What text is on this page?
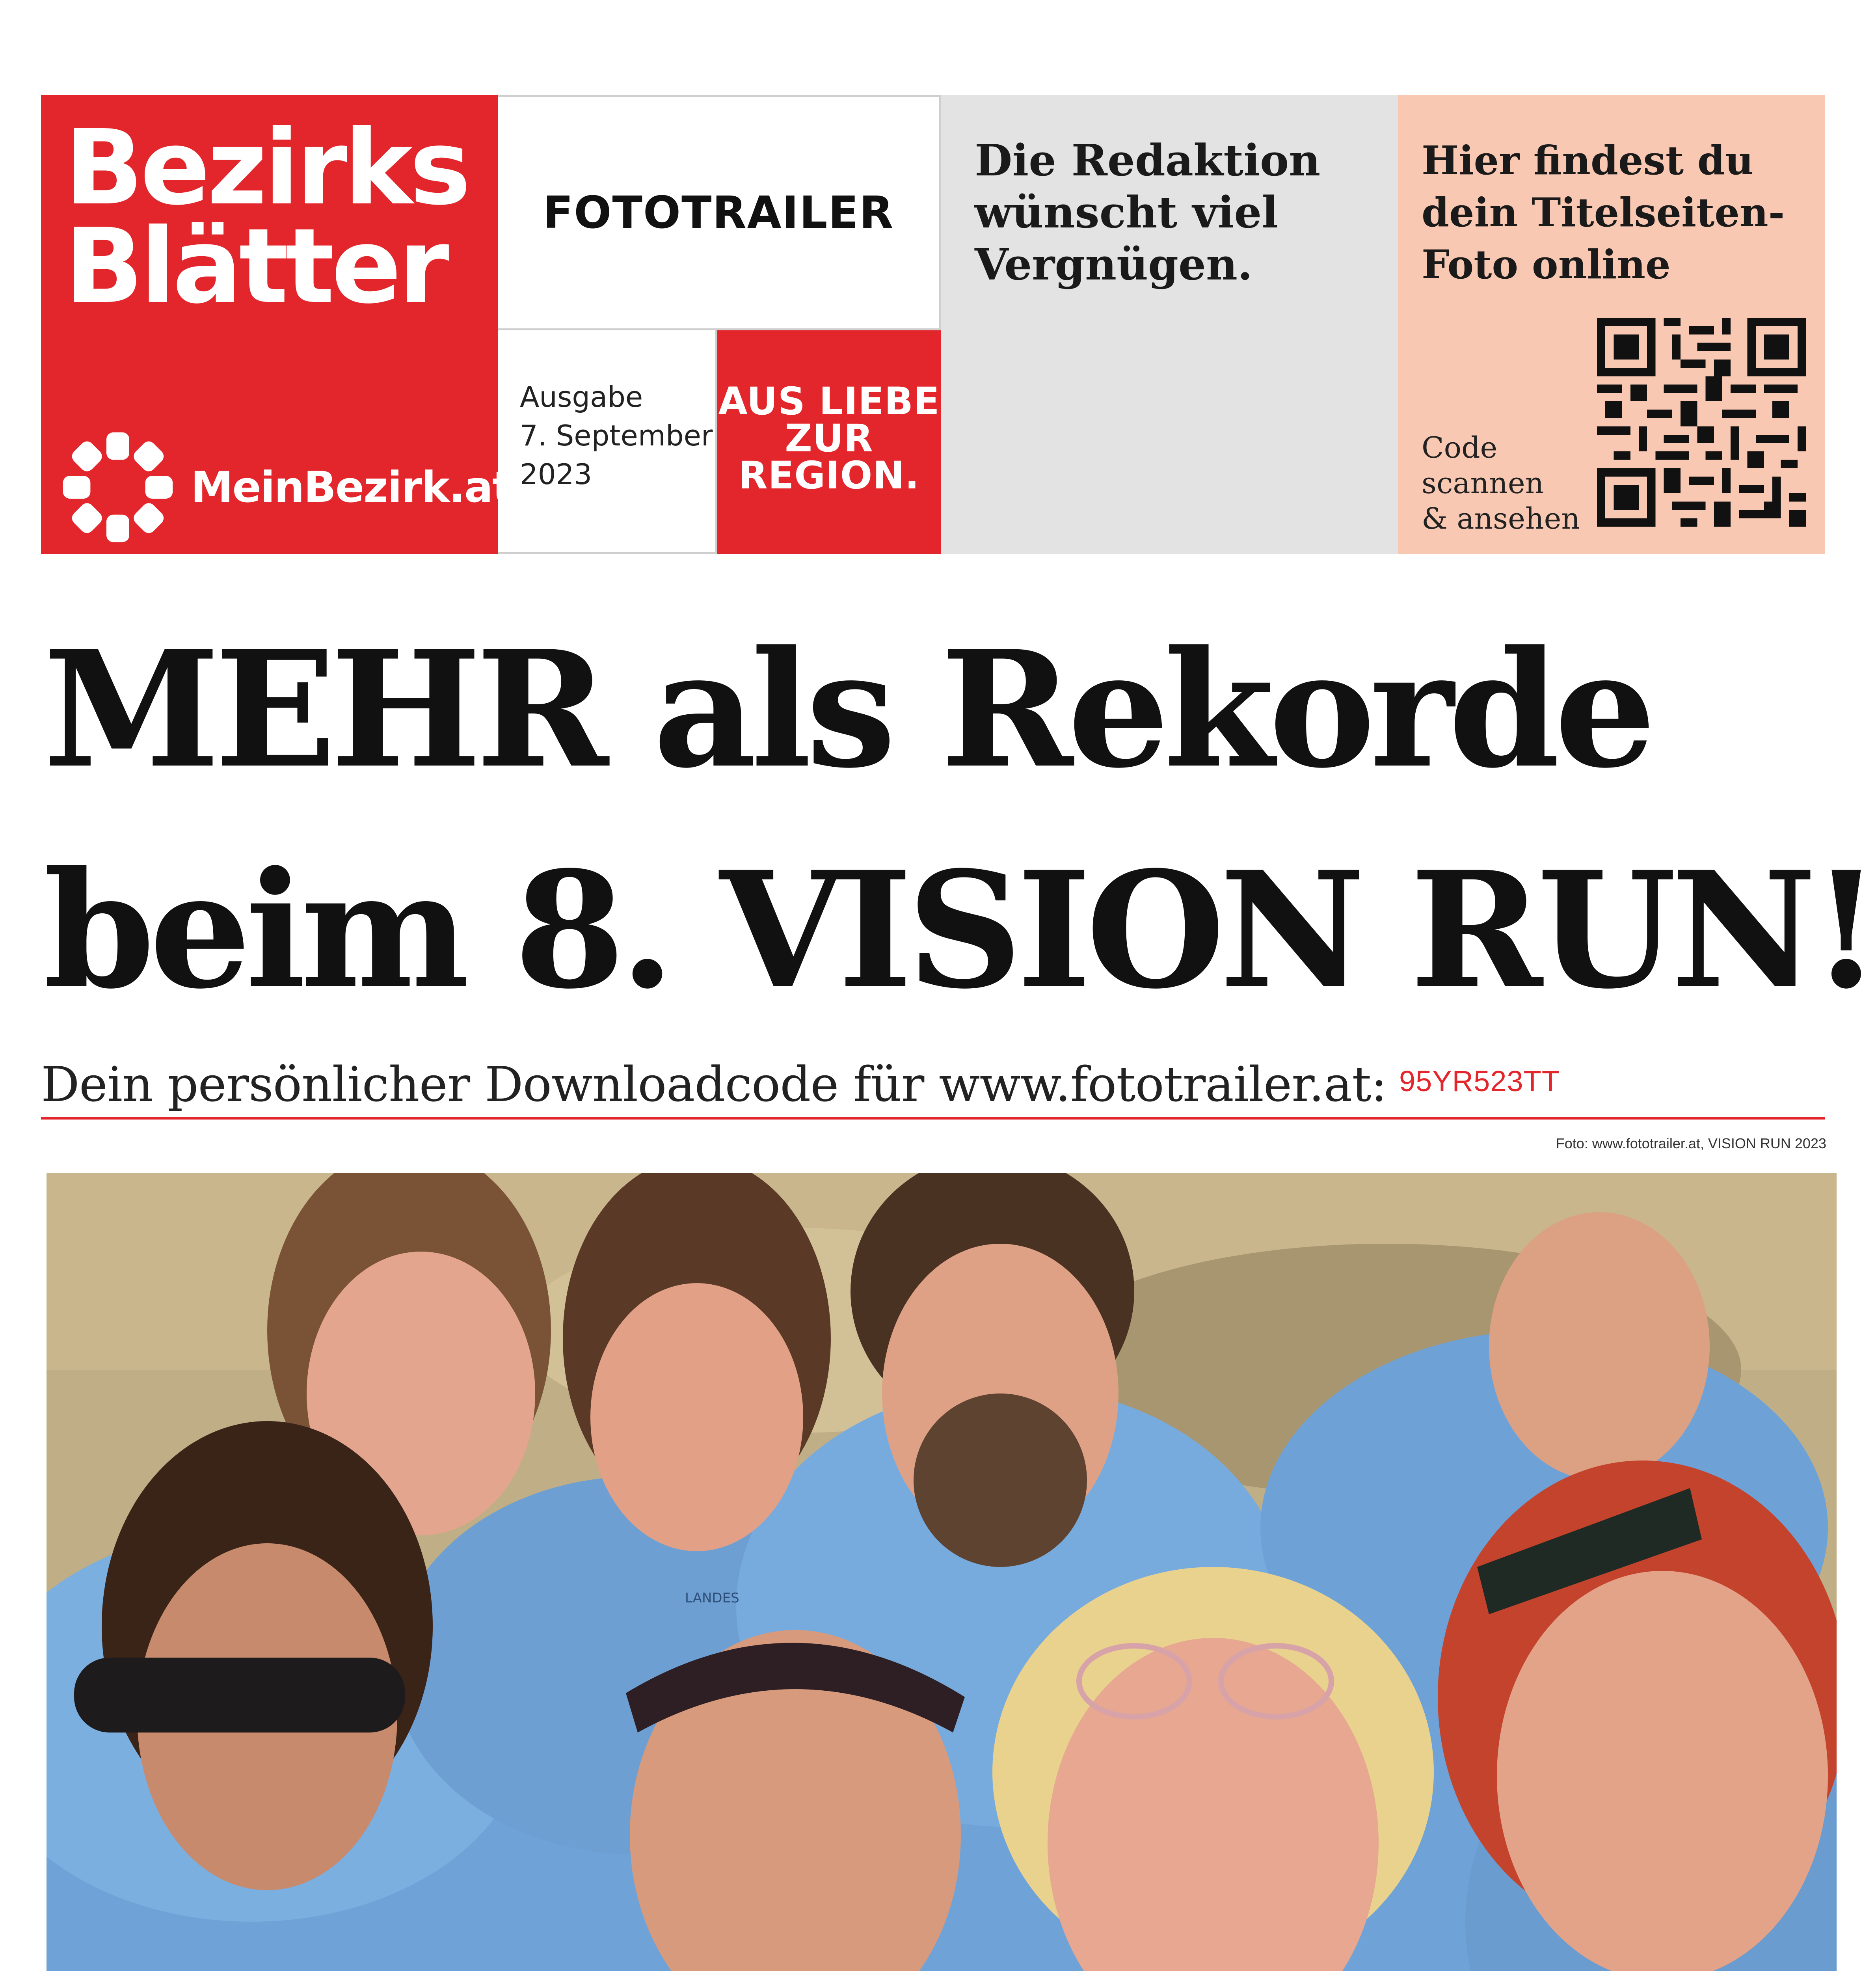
Bezirks
Blätter
MeinBezirk.at
FOTOTRAILER
Ausgabe
7. September
2023
AUS LIEBE
ZUR
REGION.
Die Redaktion
wünscht viel
Vergnügen.
Hier findest du
dein Titelseiten-
Foto online
Code
scannen
& ansehen
MEHR als Rekorde
beim 8. VISION RUN!
Dein persönlicher Downloadcode für www.fototrailer.at: 95YR523TT
Foto: www.fototrailer.at, VISION RUN 2023
LANDES
